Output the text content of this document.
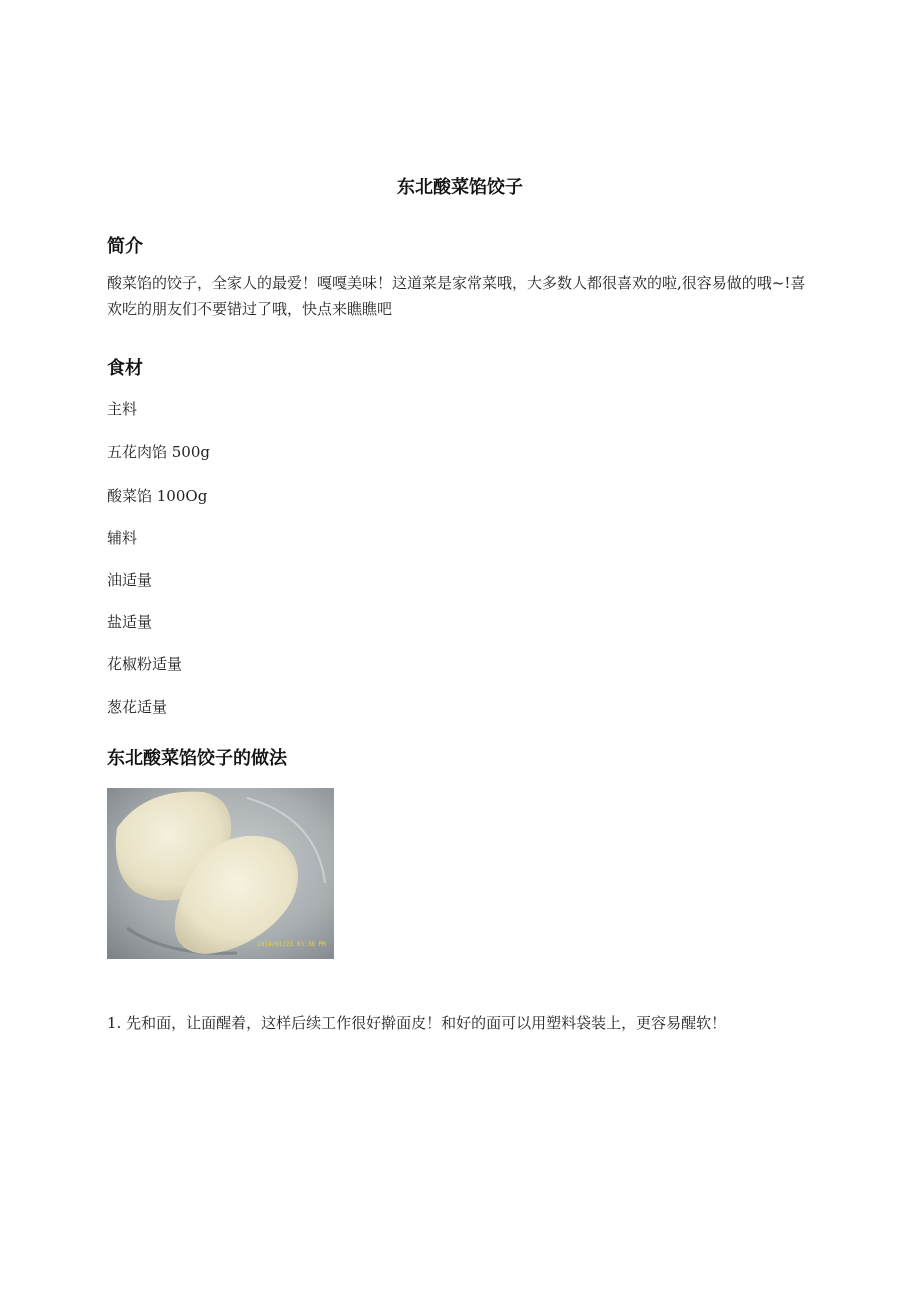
东北酸菜馅饺子
简介
酸菜馅的饺子，全家人的最爱！嘎嘎美味！这道菜是家常菜哦，大多数人都很喜欢的啦,很容易做的哦~!喜欢吃的朋友们不要错过了哦，快点来瞧瞧吧
食材
主料
五花肉馅 500g
酸菜馅 100Og
辅料
油适量
盐适量
花椒粉适量
葱花适量
东北酸菜馅饺子的做法
2014/01/23 03:38 PM
1. 先和面，让面醒着，这样后续工作很好擀面皮！和好的面可以用塑料袋装上，更容易醒软！
